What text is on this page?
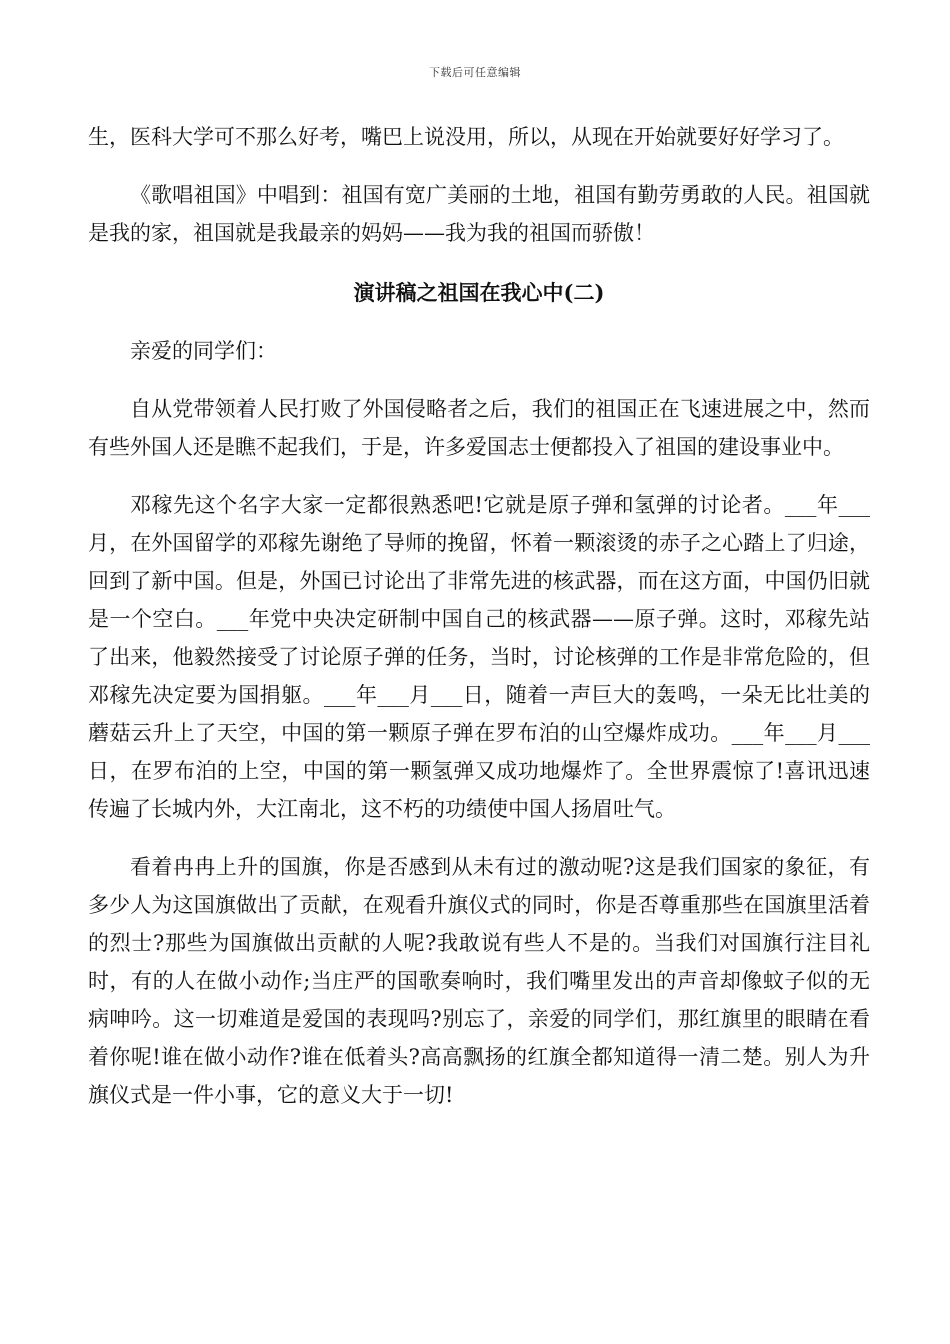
下载后可任意编辑

生，医科大学可不那么好考，嘴巴上说没用，所以，从现在开始就要好好学习了。

《歌唱祖国》中唱到：祖国有宽广美丽的土地，祖国有勤劳勇敢的人民。祖国就是我的家，祖国就是我最亲的妈妈——我为我的祖国而骄傲！

演讲稿之祖国在我心中(二)

亲爱的同学们：

自从党带领着人民打败了外国侵略者之后，我们的祖国正在飞速进展之中，然而有些外国人还是瞧不起我们，于是，许多爱国志士便都投入了祖国的建设事业中。

邓稼先这个名字大家一定都很熟悉吧!它就是原子弹和氢弹的讨论者。___年___月，在外国留学的邓稼先谢绝了导师的挽留，怀着一颗滚烫的赤子之心踏上了归途，回到了新中国。但是，外国已讨论出了非常先进的核武器，而在这方面，中国仍旧就是一个空白。___年党中央决定研制中国自己的核武器——原子弹。这时，邓稼先站了出来，他毅然接受了讨论原子弹的任务，当时，讨论核弹的工作是非常危险的，但邓稼先决定要为国捐躯。___年___月___日，随着一声巨大的轰鸣，一朵无比壮美的蘑菇云升上了天空，中国的第一颗原子弹在罗布泊的山空爆炸成功。___年___月___日，在罗布泊的上空，中国的第一颗氢弹又成功地爆炸了。全世界震惊了!喜讯迅速传遍了长城内外，大江南北，这不朽的功绩使中国人扬眉吐气。

看着冉冉上升的国旗，你是否感到从未有过的激动呢?这是我们国家的象征，有多少人为这国旗做出了贡献，在观看升旗仪式的同时，你是否尊重那些在国旗里活着的烈士?那些为国旗做出贡献的人呢?我敢说有些人不是的。当我们对国旗行注目礼时，有的人在做小动作;当庄严的国歌奏响时，我们嘴里发出的声音却像蚊子似的无病呻吟。这一切难道是爱国的表现吗?别忘了，亲爱的同学们，那红旗里的眼睛在看着你呢!谁在做小动作?谁在低着头?高高飘扬的红旗全都知道得一清二楚。别人为升旗仪式是一件小事，它的意义大于一切!
